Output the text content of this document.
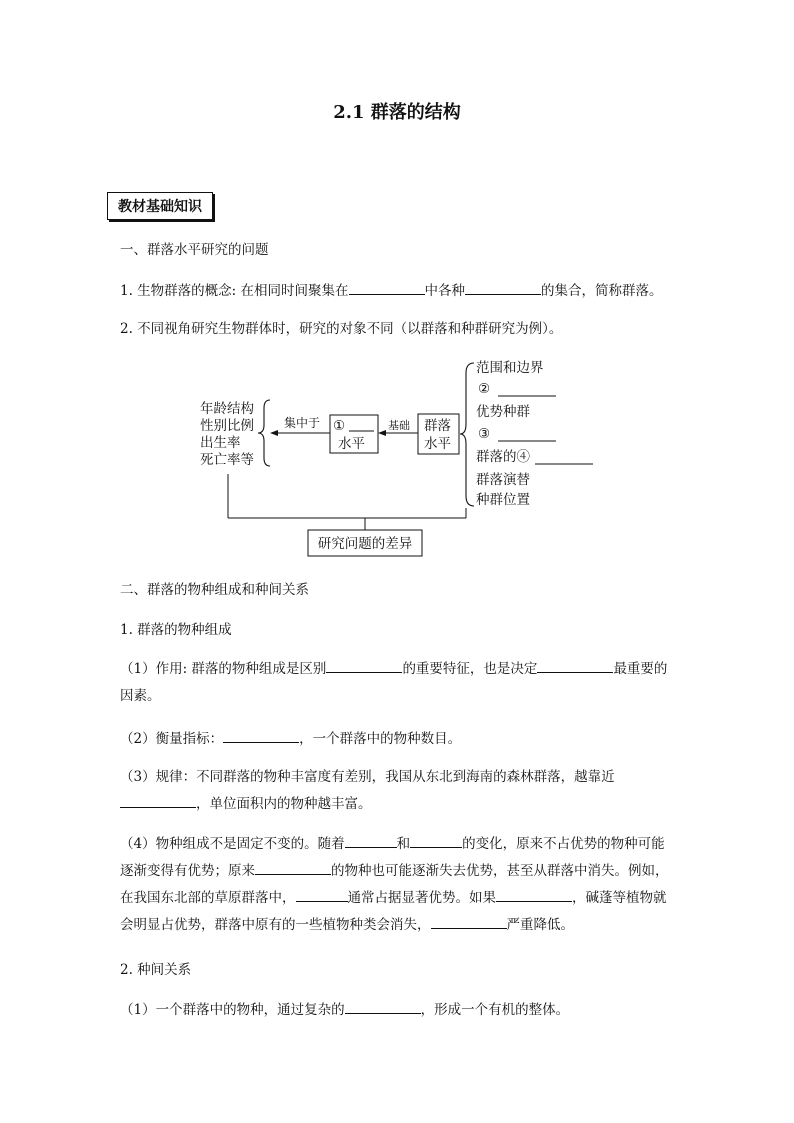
2.1 群落的结构
教材基础知识
一、群落水平研究的问题
1. 生物群落的概念: 在相同时间聚集在	中各种	的集合，简称群落。
2. 不同视角研究生物群体时，研究的对象不同（以群落和种群研究为例）。
年龄结构
性别比例
出生率
死亡率等
集中于 ①
水平
基础 群落
水平
范围和边界
②
优势种群
③
群落的④
群落演替
种群位置
研究问题的差异
二、群落的物种组成和种间关系
1. 群落的物种组成
（1）作用: 群落的物种组成是区别	的重要特征，也是决定	最重要的因素。
（2）衡量指标：	，一个群落中的物种数目。
（3）规律：不同群落的物种丰富度有差别，我国从东北到海南的森林群落，越靠近，单位面积内的物种越丰富。
（4）物种组成不是固定不变的。随着	和	的变化，原来不占优势的物种可能逐渐变得有优势；原来	的物种也可能逐渐失去优势，甚至从群落中消失。例如，在我国东北部的草原群落中，	通常占据显著优势。如果	，碱蓬等植物就会明显占优势，群落中原有的一些植物种类会消失，	严重降低。
2. 种间关系
（1）一个群落中的物种，通过复杂的	，形成一个有机的整体。
